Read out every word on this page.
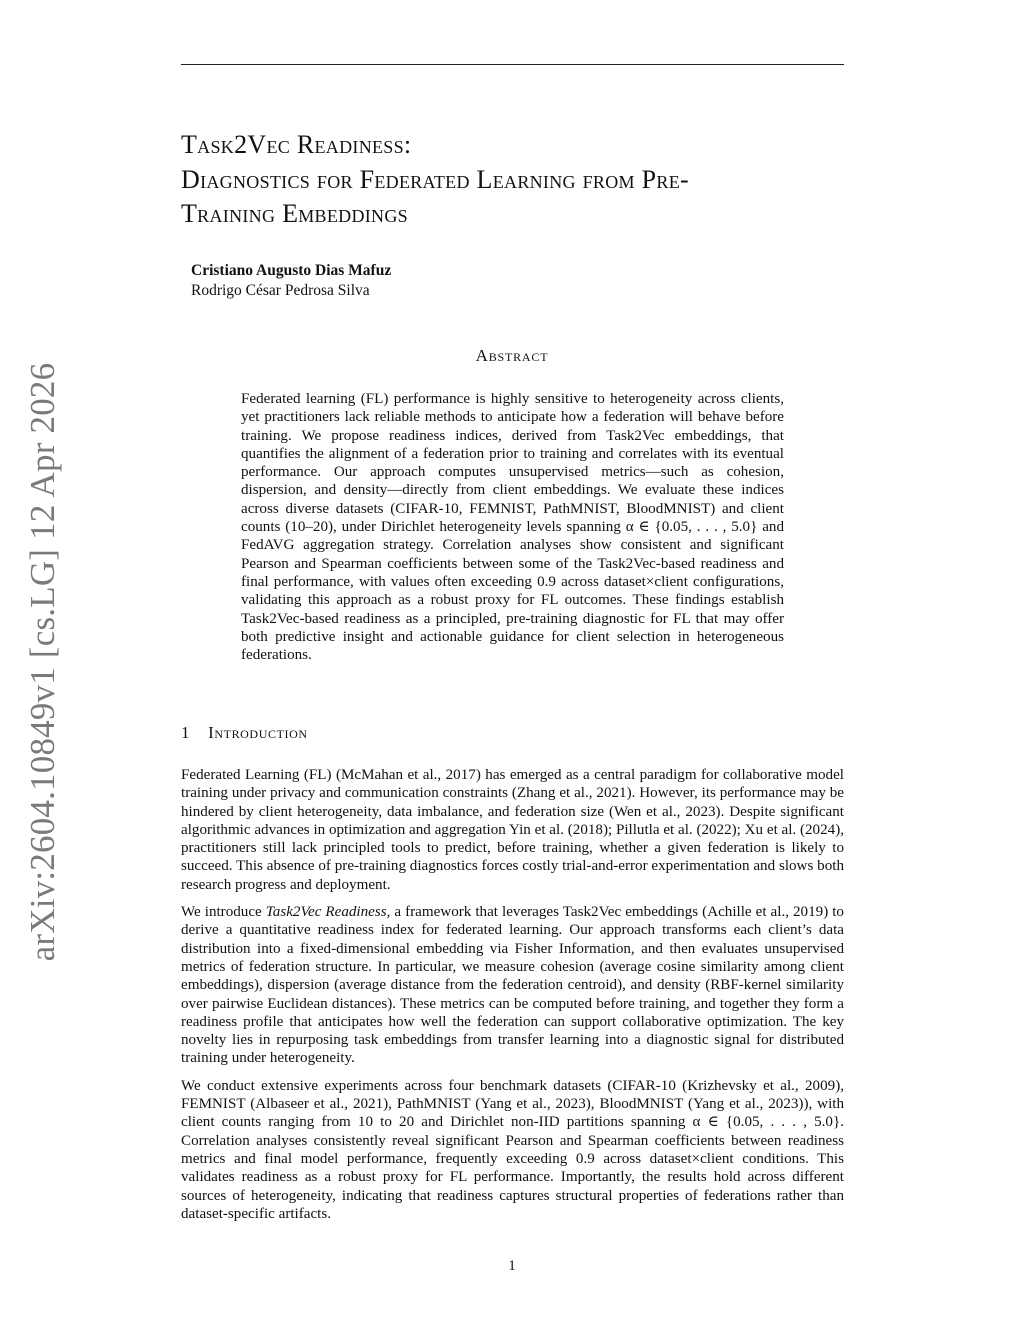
arXiv:2604.10849v1 [cs.LG] 12 Apr 2026
Task2Vec Readiness:
Diagnostics for Federated Learning from Pre-
Training Embeddings
Cristiano Augusto Dias Mafuz
Rodrigo César Pedrosa Silva
Abstract

Federated learning (FL) performance is highly sensitive to heterogeneity across clients, yet practitioners lack reliable methods to anticipate how a federation will behave before training. We propose readiness indices, derived from Task2Vec embeddings, that quantifies the alignment of a federation prior to training and correlates with its eventual performance. Our approach computes unsupervised metrics—such as cohesion, dispersion, and density—directly from client embeddings. We evaluate these indices across diverse datasets (CIFAR-10, FEMNIST, PathMNIST, BloodMNIST) and client counts (10–20), under Dirichlet heterogeneity levels spanning α ∈ {0.05, . . . , 5.0} and FedAVG aggregation strategy. Correlation analyses show consistent and significant Pearson and Spearman coefficients between some of the Task2Vec-based readiness and final performance, with values often exceeding 0.9 across dataset×client configurations, validating this approach as a robust proxy for FL outcomes. These findings establish Task2Vec-based readiness as a principled, pre-training diagnostic for FL that may offer both predictive insight and actionable guidance for client selection in heterogeneous federations.

1 Introduction

Federated Learning (FL) (McMahan et al., 2017) has emerged as a central paradigm for collaborative model training under privacy and communication constraints (Zhang et al., 2021). However, its performance may be hindered by client heterogeneity, data imbalance, and federation size (Wen et al., 2023). Despite significant algorithmic advances in optimization and aggregation Yin et al. (2018); Pillutla et al. (2022); Xu et al. (2024), practitioners still lack principled tools to predict, before training, whether a given federation is likely to succeed. This absence of pre-training diagnostics forces costly trial-and-error experimentation and slows both research progress and deployment.

We introduce Task2Vec Readiness, a framework that leverages Task2Vec embeddings (Achille et al., 2019) to derive a quantitative readiness index for federated learning. Our approach transforms each client’s data distribution into a fixed-dimensional embedding via Fisher Information, and then evaluates unsupervised metrics of federation structure. In particular, we measure cohesion (average cosine similarity among client embeddings), dispersion (average distance from the federation centroid), and density (RBF-kernel similarity over pairwise Euclidean distances). These metrics can be computed before training, and together they form a readiness profile that anticipates how well the federation can support collaborative optimization. The key novelty lies in repurposing task embeddings from transfer learning into a diagnostic signal for distributed training under heterogeneity.

We conduct extensive experiments across four benchmark datasets (CIFAR-10 (Krizhevsky et al., 2009), FEMNIST (Albaseer et al., 2021), PathMNIST (Yang et al., 2023), BloodMNIST (Yang et al., 2023)), with client counts ranging from 10 to 20 and Dirichlet non-IID partitions spanning α ∈ {0.05, . . . , 5.0}. Correlation analyses consistently reveal significant Pearson and Spearman coefficients between readiness metrics and final model performance, frequently exceeding 0.9 across dataset×client conditions. This validates readiness as a robust proxy for FL performance. Importantly, the results hold across different sources of heterogeneity, indicating that readiness captures structural properties of federations rather than dataset-specific artifacts.

1
